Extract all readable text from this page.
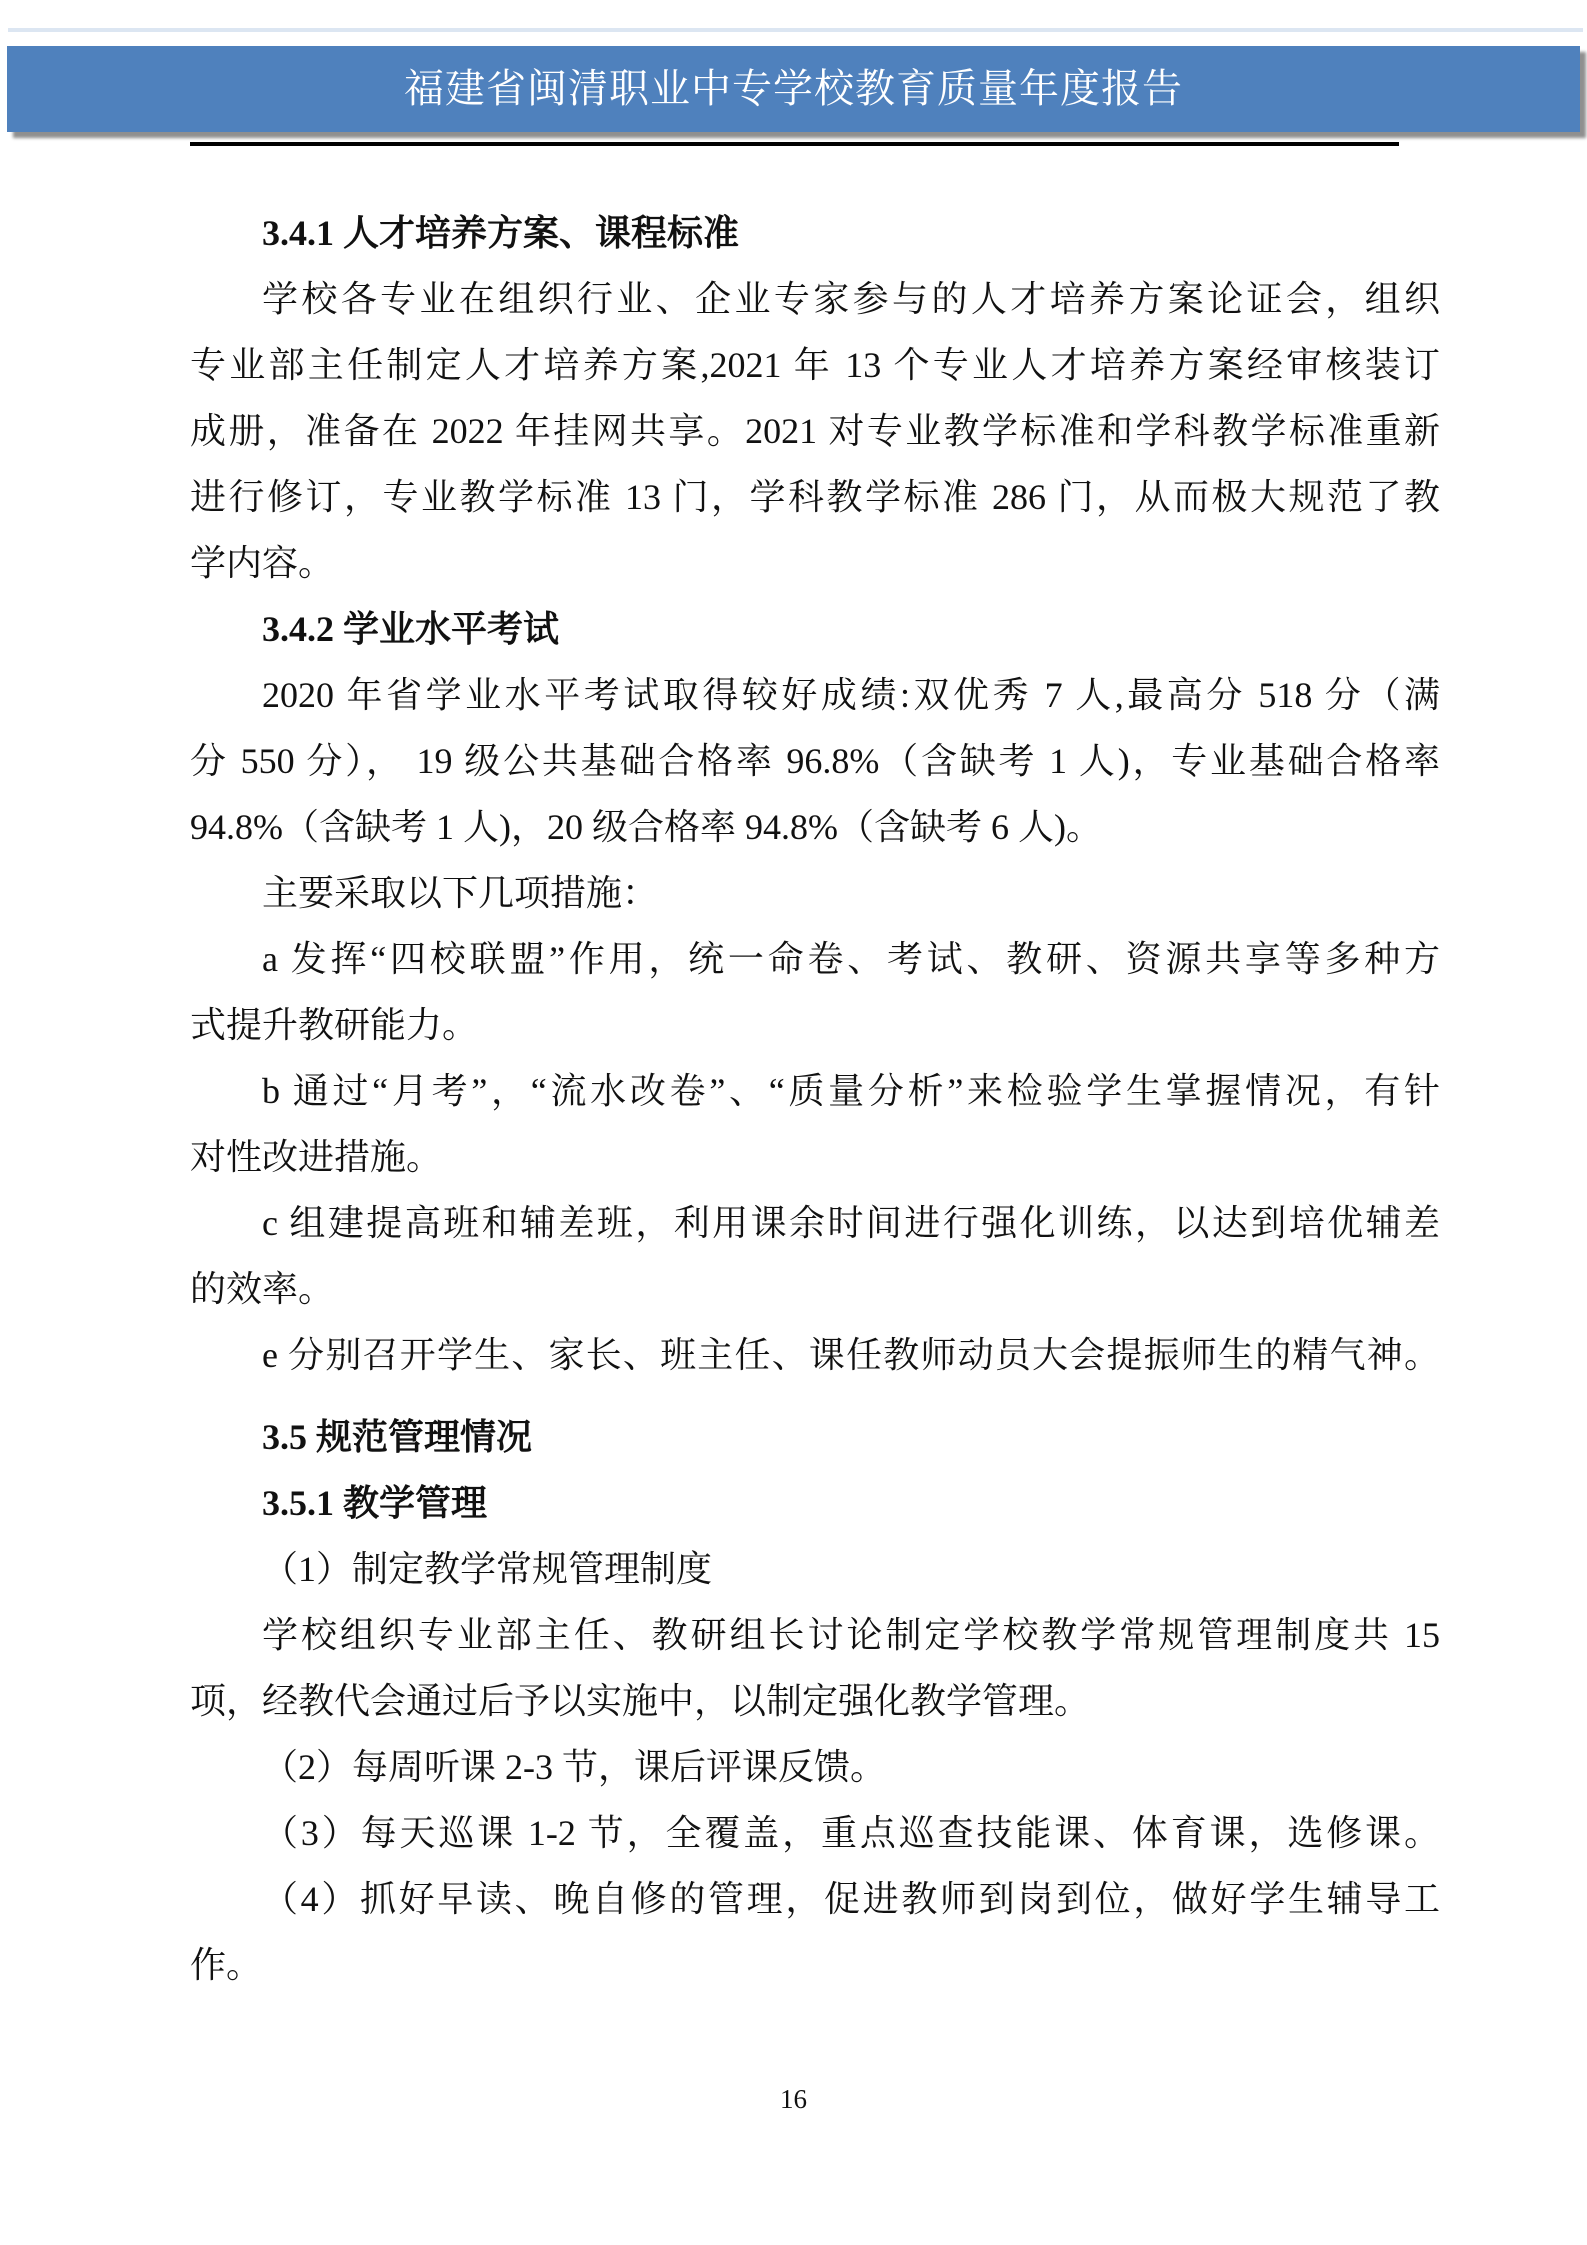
福建省闽清职业中专学校教育质量年度报告
3.4.1 人才培养方案、课程标准
学校各专业在组织行业、企业专家参与的人才培养方案论证会，组织
专业部主任制定人才培养方案,2021 年 13 个专业人才培养方案经审核装订
成册，准备在 2022 年挂网共享。2021 对专业教学标准和学科教学标准重新
进行修订，专业教学标准 13 门，学科教学标准 286 门，从而极大规范了教
学内容。
3.4.2 学业水平考试
2020 年省学业水平考试取得较好成绩:双优秀 7 人,最高分 518 分（满
分 550 分）， 19 级公共基础合格率 96.8%（含缺考 1 人)，专业基础合格率
94.8%（含缺考 1 人)，20 级合格率 94.8%（含缺考 6 人)。
主要采取以下几项措施：
a 发挥“四校联盟”作用，统一命卷、考试、教研、资源共享等多种方
式提升教研能力。
b 通过“月考”，“流水改卷”、“质量分析”来检验学生掌握情况，有针
对性改进措施。
c 组建提高班和辅差班，利用课余时间进行强化训练，以达到培优辅差
的效率。
e 分别召开学生、家长、班主任、课任教师动员大会提振师生的精气神。
3.5 规范管理情况
3.5.1 教学管理
（1）制定教学常规管理制度
学校组织专业部主任、教研组长讨论制定学校教学常规管理制度共 15
项，经教代会通过后予以实施中，以制定强化教学管理。
（2）每周听课 2-3 节，课后评课反馈。
（3）每天巡课 1-2 节，全覆盖，重点巡查技能课、体育课，选修课。
（4）抓好早读、晚自修的管理，促进教师到岗到位，做好学生辅导工
作。
16
